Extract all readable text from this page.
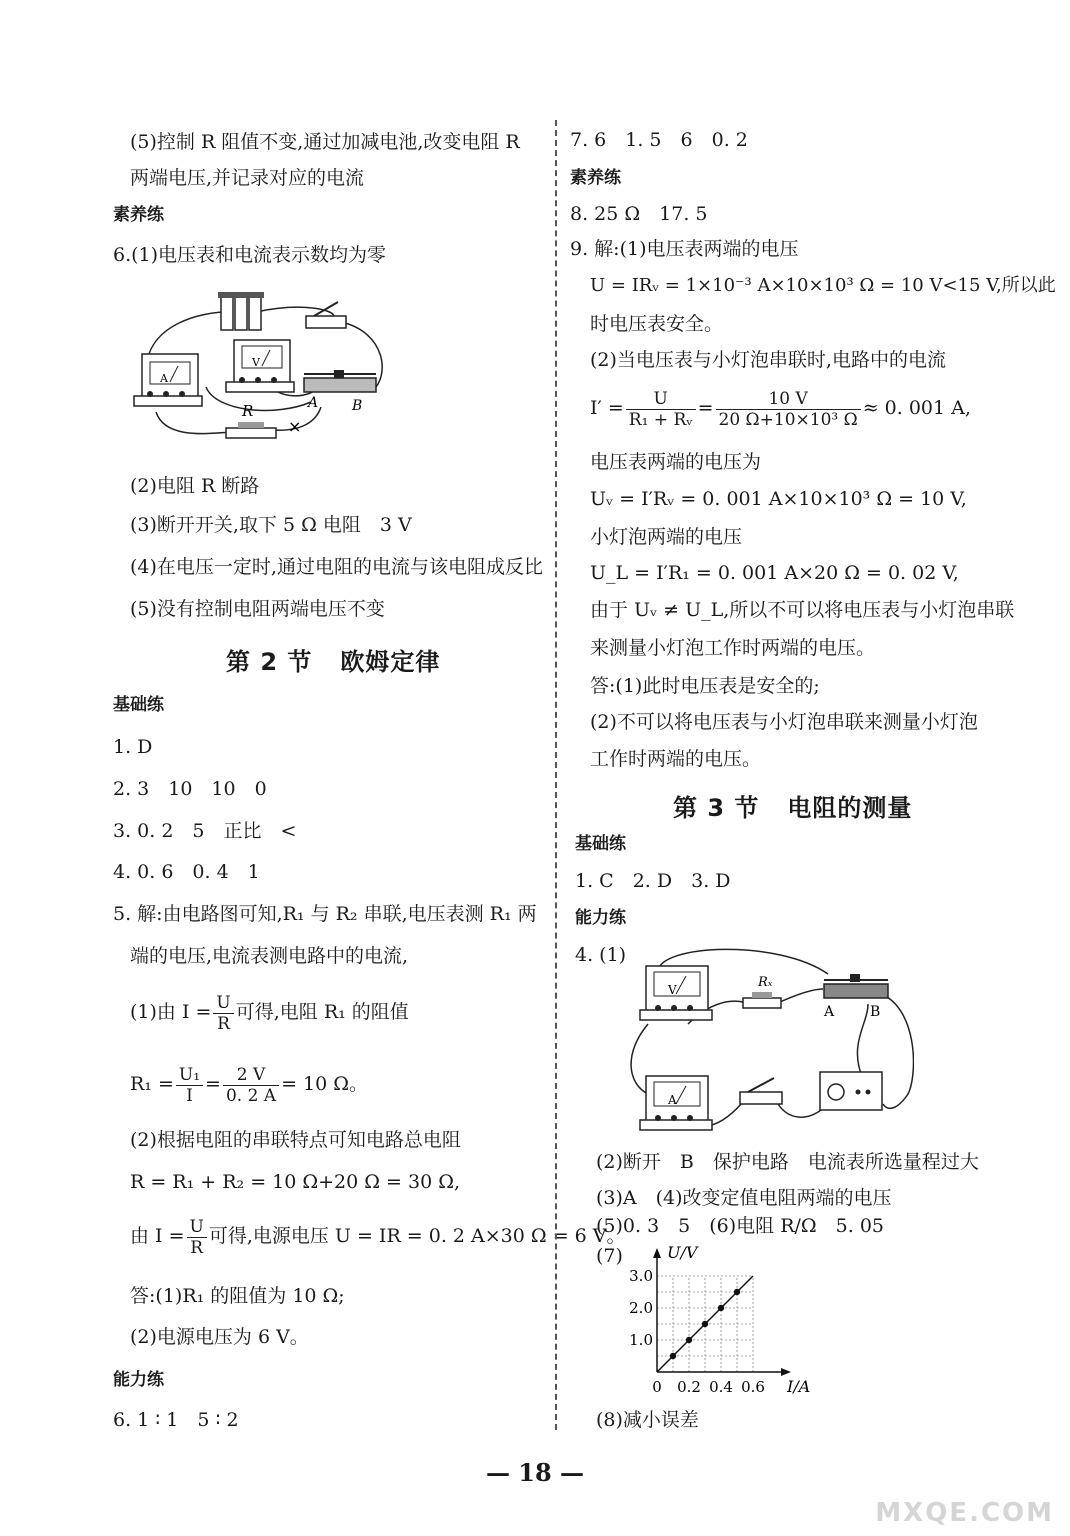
(5)控制 R 阻值不变,通过加减电池,改变电阻 R
两端电压,并记录对应的电流
素养练
6.(1)电压表和电流表示数均为零
A
V
A B
R
×
(2)电阻 R 断路
(3)断开开关,取下 5 Ω 电阻　3 V
(4)在电压一定时,通过电阻的电流与该电阻成反比
(5)没有控制电阻两端电压不变
第 2 节 欧姆定律
基础练
1. D
2. 3　10　10　0
3. 0. 2　5　正比　<
4. 0. 6　0. 4　1
5. 解:由电路图可知,R₁ 与 R₂ 串联,电压表测 R₁ 两
端的电压,电流表测电路中的电流,
(1)由 $I = \frac{U}{R}$ 可得,电阻 R₁ 的阻值
$R_1 = \frac{\text{U₁}}{I} = \frac{2 V}{0. 2 A} = 10$ Ω。
(2)根据电阻的串联特点可知电路总电阻
R = R₁ + R₂ = 10 Ω+20 Ω = 30 Ω,
由 $I = \frac{U}{R}$ 可得,电源电压 U = IR = 0. 2 A×30 Ω = 6 V。
答:(1)R₁ 的阻值为 10 Ω;
(2)电源电压为 6 V。
能力练
6. 1 ∶ 1　5 ∶ 2
7. 6　1. 5　6　0. 2
素养练
8. 25 Ω　17. 5
9. 解:(1)电压表两端的电压
U = IRᵥ = 1×10⁻³ A×10×10³ Ω = 10 V<15 V,所以此
时电压表安全。
(2)当电压表与小灯泡串联时,电路中的电流
$I' = \frac{U}{\text{R₁ + Rᵥ}} = \frac{10 V}{\text{20 Ω+10×10³ Ω}} \approx 0$. 001 A,
电压表两端的电压为
Uᵥ = I′Rᵥ = 0. 001 A×10×10³ Ω = 10 V,
小灯泡两端的电压
U_L = I′R₁ = 0. 001 A×20 Ω = 0. 02 V,
由于 Uᵥ ≠ U_L,所以不可以将电压表与小灯泡串联
来测量小灯泡工作时两端的电压。
答:(1)此时电压表是安全的;
(2)不可以将电压表与小灯泡串联来测量小灯泡
工作时两端的电压。
第 3 节 电阻的测量
基础练
1. C　2. D　3. D
能力练
4. (1)
V	Rₓ
A	B
A
(2)断开　B　保护电路　电流表所选量程过大
(3)A　(4)改变定值电阻两端的电压
(5)0. 3　5　(6)电阻 R/Ω　5. 05
(7)
0 0.2 0.4 0.6
1.0
2.0
3.0
I/A
U/V
(8)减小误差
— 18 —
MXQE.COM
